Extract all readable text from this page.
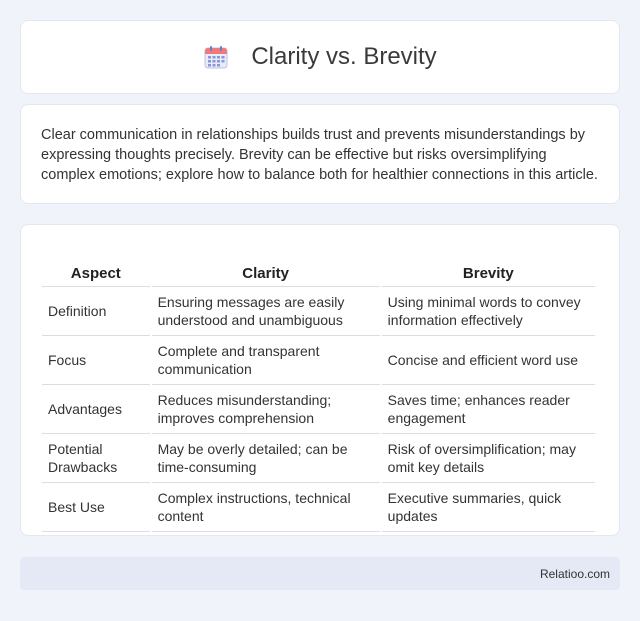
Clarity vs. Brevity

Clear communication in relationships builds trust and prevents misunderstandings by expressing thoughts precisely. Brevity can be effective but risks oversimplifying complex emotions; explore how to balance both for healthier connections in this article.

Aspect	Clarity	Brevity
Definition	Ensuring messages are easily understood and unambiguous	Using minimal words to convey information effectively
Focus	Complete and transparent communication	Concise and efficient word use
Advantages	Reduces misunderstanding; improves comprehension	Saves time; enhances reader engagement
Potential Drawbacks	May be overly detailed; can be time-consuming	Risk of oversimplification; may omit key details
Best Use	Complex instructions, technical content	Executive summaries, quick updates
Relatioo.com
